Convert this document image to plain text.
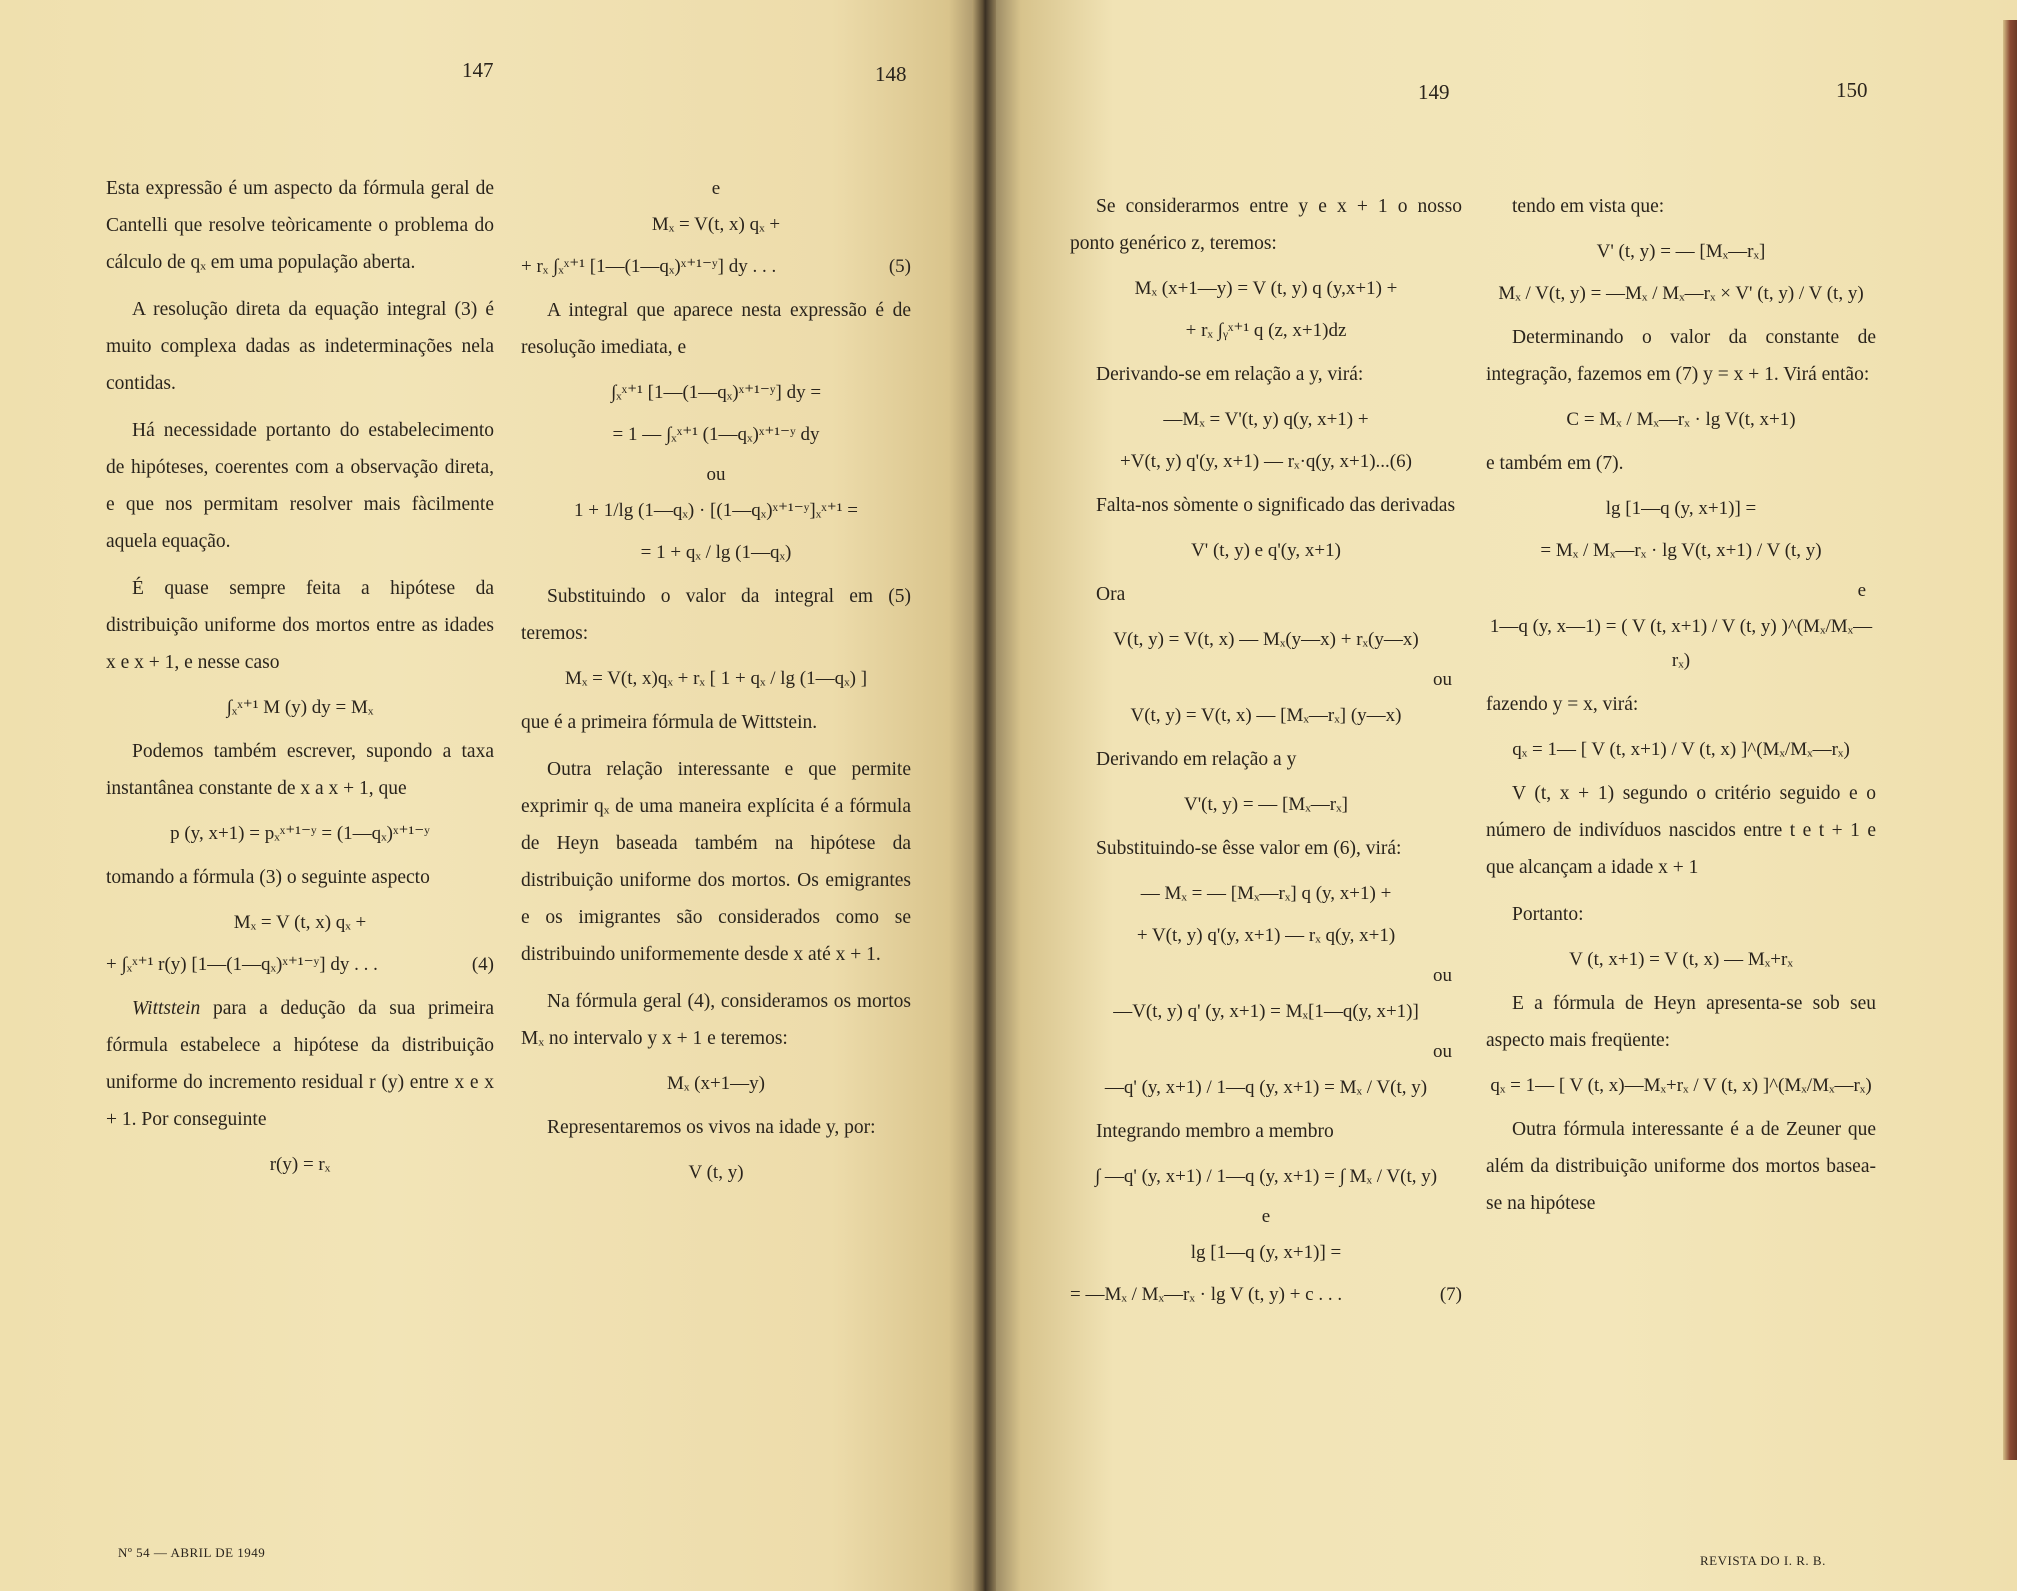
147	148
149	150

Esta expressão é um aspecto da fórmula geral de Cantelli que resolve teòricamente o problema do cálculo de qₓ em uma população aberta.

A resolução direta da equação integral (3) é muito complexa dadas as indeterminações nela contidas.

Há necessidade portanto do estabelecimento de hipóteses, coerentes com a observação direta, e que nos permitam resolver mais fàcilmente aquela equação.

É quase sempre feita a hipótese da distribuição uniforme dos mortos entre as idades x e x + 1, e nesse caso

∫ₓˣ⁺¹ M (y) dy = Mₓ

Podemos também escrever, supondo a taxa instantânea constante de x a x + 1, que

p (y, x+1) = pₓˣ⁺¹⁻ʸ = (1—qₓ)ˣ⁺¹⁻ʸ

tomando a fórmula (3) o seguinte aspecto

Mₓ = V (t, x) qₓ +
+ ∫ₓˣ⁺¹ r(y) [1—(1—qₓ)ˣ⁺¹⁻ʸ] dy . . .	(4)

Wittstein para a dedução da sua primeira fórmula estabelece a hipótese da distribuição uniforme do incremento residual r (y) entre x e x + 1. Por conseguinte

r(y) = rₓ
e
Mₓ = V(t, x) qₓ +
+ rₓ ∫ₓˣ⁺¹ [1—(1—qₓ)ˣ⁺¹⁻ʸ] dy . . .	(5)

A integral que aparece nesta expressão é de resolução imediata, e

∫ₓˣ⁺¹ [1—(1—qₓ)ˣ⁺¹⁻ʸ] dy =
= 1 — ∫ₓˣ⁺¹ (1—qₓ)ˣ⁺¹⁻ʸ dy
ou
1 + 1/lg (1—qₓ) · [(1—qₓ)ˣ⁺¹⁻ʸ]ₓˣ⁺¹ =
= 1 + qₓ / lg (1—qₓ)

Substituindo o valor da integral em (5) teremos:

Mₓ = V(t, x)qₓ + rₓ [ 1 + qₓ / lg (1—qₓ) ]

que é a primeira fórmula de Wittstein.

Outra relação interessante e que permite exprimir qₓ de uma maneira explícita é a fórmula de Heyn baseada também na hipótese da distribuição uniforme dos mortos. Os emigrantes e os imigrantes são considerados como se distribuindo uniformemente desde x até x + 1.

Na fórmula geral (4), consideramos os mortos Mₓ no intervalo y x + 1 e teremos:

Mₓ (x+1—y)

Representaremos os vivos na idade y, por:

V (t, y)

Se considerarmos entre y e x + 1 o nosso ponto genérico z, teremos:

Mₓ (x+1—y) = V (t, y) q (y,x+1) +
+ rₓ ∫ᵧˣ⁺¹ q (z, x+1)dz

Derivando-se em relação a y, virá:

—Mₓ = V'(t, y) q(y, x+1) +
+V(t, y) q'(y, x+1) — rₓ·q(y, x+1)...(6)

Falta-nos sòmente o significado das derivadas

V' (t, y) e q'(y, x+1)

Ora

V(t, y) = V(t, x) — Mₓ(y—x) + rₓ(y—x)
ou
V(t, y) = V(t, x) — [Mₓ—rₓ] (y—x)

Derivando em relação a y

V'(t, y) = — [Mₓ—rₓ]

Substituindo-se êsse valor em (6), virá:

— Mₓ = — [Mₓ—rₓ] q (y, x+1) +
+ V(t, y) q'(y, x+1) — rₓ q(y, x+1)
ou
—V(t, y) q' (y, x+1) = Mₓ[1—q(y, x+1)]
ou
—q' (y, x+1) / 1—q (y, x+1) = Mₓ / V(t, y)

Integrando membro a membro

∫ —q' (y, x+1) / 1—q (y, x+1) = ∫ Mₓ / V(t, y)
e
lg [1—q (y, x+1)] =
= —Mₓ / Mₓ—rₓ · lg V (t, y) + c . . .	(7)

tendo em vista que:

V' (t, y) = — [Mₓ—rₓ]
Mₓ / V(t, y) = —Mₓ / Mₓ—rₓ × V' (t, y) / V (t, y)

Determinando o valor da constante de integração, fazemos em (7) y = x + 1. Virá então:

C = Mₓ / Mₓ—rₓ · lg V(t, x+1)

e também em (7).

lg [1—q (y, x+1)] =
= Mₓ / Mₓ—rₓ · lg V(t, x+1) / V (t, y)
e
1—q (y, x—1) = ( V (t, x+1) / V (t, y) )^(Mₓ/Mₓ—rₓ)

fazendo y = x, virá:

qₓ = 1— [ V (t, x+1) / V (t, x) ]^(Mₓ/Mₓ—rₓ)

V (t, x + 1) segundo o critério seguido e o número de indivíduos nascidos entre t e t + 1 e que alcançam a idade x + 1

Portanto:

V (t, x+1) = V (t, x) — Mₓ+rₓ

E a fórmula de Heyn apresenta-se sob seu aspecto mais freqüente:

qₓ = 1— [ V (t, x)—Mₓ+rₓ / V (t, x) ]^(Mₓ/Mₓ—rₓ)

Outra fórmula interessante é a de Zeuner que além da distribuição uniforme dos mortos basea-se na hipótese

Nº 54 — ABRIL DE 1949
REVISTA DO I. R. B.
